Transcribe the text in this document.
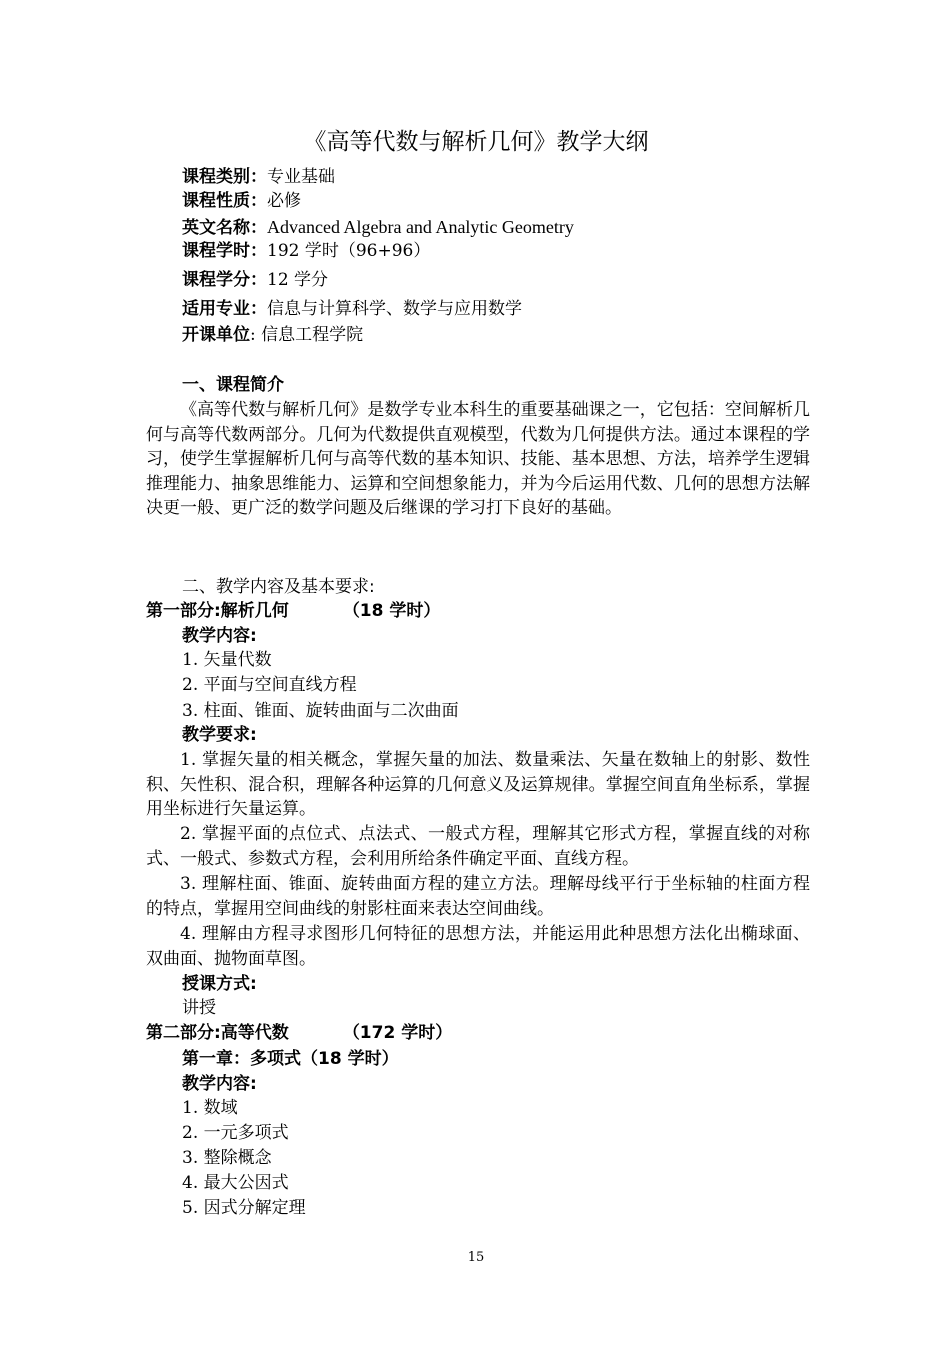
《高等代数与解析几何》教学大纲
课程类别：专业基础
课程性质：必修
英文名称：Advanced Algebra and Analytic Geometry
课程学时：192 学时（96+96）
课程学分：12 学分
适用专业：信息与计算科学、数学与应用数学
开课单位: 信息工程学院
一、课程简介
《高等代数与解析几何》是数学专业本科生的重要基础课之一，它包括：空间解析几何与高等代数两部分。几何为代数提供直观模型，代数为几何提供方法。通过本课程的学习，使学生掌握解析几何与高等代数的基本知识、技能、基本思想、方法，培养学生逻辑推理能力、抽象思维能力、运算和空间想象能力，并为今后运用代数、几何的思想方法解决更一般、更广泛的数学问题及后继课的学习打下良好的基础。
二、教学内容及基本要求:
第一部分:解析几何	（18 学时）
教学内容:
1. 矢量代数
2. 平面与空间直线方程
3. 柱面、锥面、旋转曲面与二次曲面
教学要求:
1. 掌握矢量的相关概念，掌握矢量的加法、数量乘法、矢量在数轴上的射影、数性积、矢性积、混合积，理解各种运算的几何意义及运算规律。掌握空间直角坐标系，掌握用坐标进行矢量运算。
2. 掌握平面的点位式、点法式、一般式方程，理解其它形式方程，掌握直线的对称式、一般式、参数式方程，会利用所给条件确定平面、直线方程。
3. 理解柱面、锥面、旋转曲面方程的建立方法。理解母线平行于坐标轴的柱面方程的特点，掌握用空间曲线的射影柱面来表达空间曲线。
4. 理解由方程寻求图形几何特征的思想方法，并能运用此种思想方法化出椭球面、双曲面、抛物面草图。
授课方式:
讲授
第二部分:高等代数	（172 学时）
第一章：多项式（18 学时）
教学内容:
1. 数域
2. 一元多项式
3. 整除概念
4. 最大公因式
5. 因式分解定理
15
